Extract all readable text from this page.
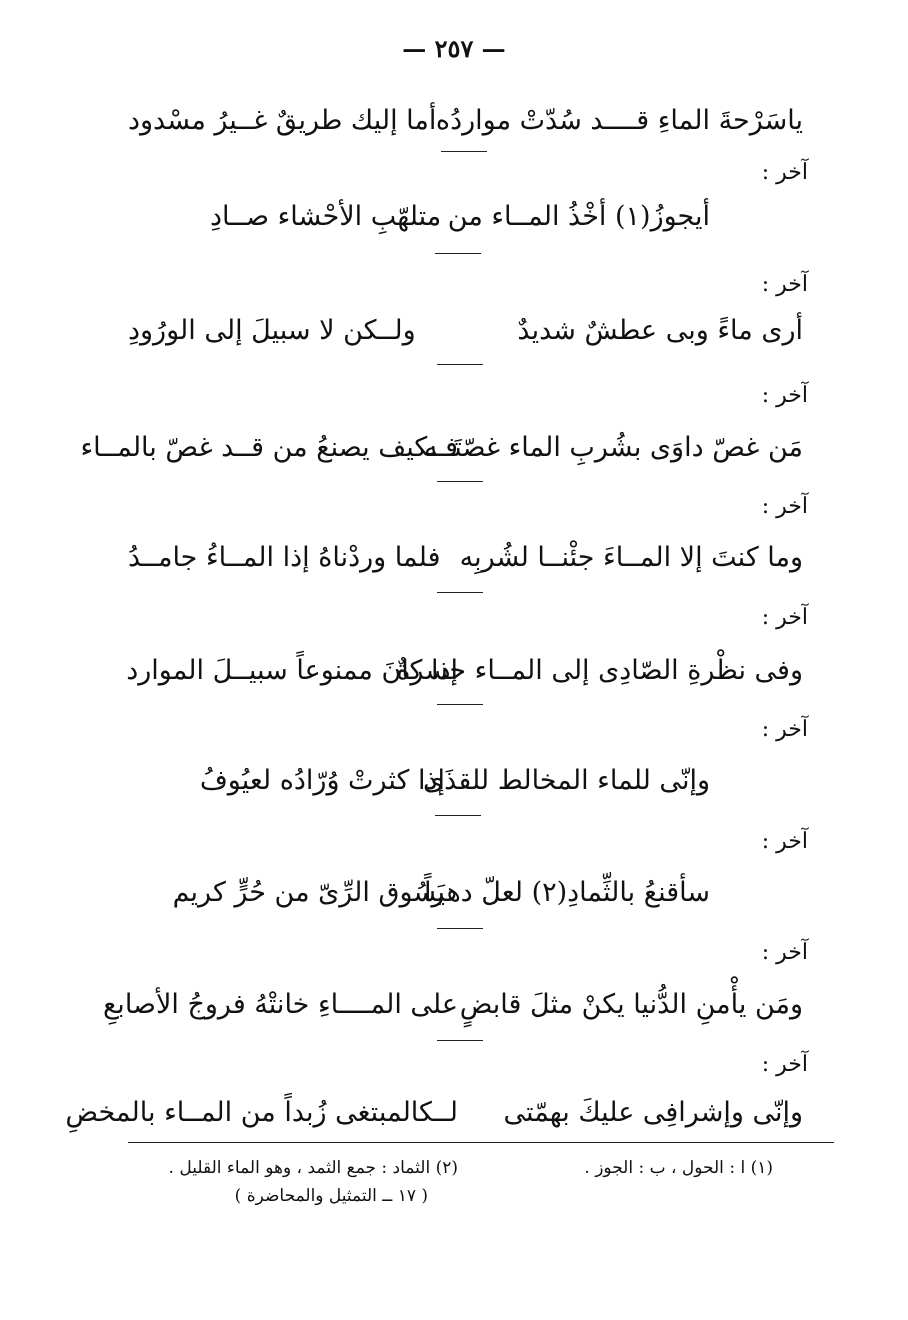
— ٢٥٧ —
ياسَرْحةَ الماءِ قــــد سُدّتْ مواردُه
أما إليك طريقٌ غــيرُ مسْدود
آخر :
أيجوزُ(١) أخْذُ المــاء من
متلهّبِ الأحْشاء صــادِ
آخر :
أرى ماءً وبى عطشٌ شديدٌ
ولــكن لا سبيلَ إلى الورُودِ
آخر :
مَن غصّ داوَى بشُربِ الماء غصّتَــه
فــكيف يصنعُ من قــد غصّ بالمــاء
آخر :
وما كنتَ إلا المــاءَ جئْنــا لشُربِه
فلما وردْناهُ إذا المــاءُ جامــدُ
آخر :
وفى نظْرةِ الصّادِى إلى المــاء حسرةٌ
إذا كانَ ممنوعاً سبيــلَ الموارد
آخر :
وإنّى للماء المخالط للقذَى
إذا كثرتْ وُرّادُه لعيُوفُ
آخر :
سأقنعُ بالثِّمادِ(٢) لعلّ دهراً
يَسُوق الرِّىّ من حُرٍّ كريم
آخر :
ومَن يأْمنِ الدُّنيا يكنْ مثلَ قابضٍ
على المــــاءِ خانتْهُ فروجُ الأصابعِ
آخر :
وإنّى وإشرافِى عليكَ بهمّتى
لــكالمبتغى زُبداً من المــاء بالمخضِ
(١) ا : الحول ، ب : الجوز .
(٢) الثماد : جمع الثمد ، وهو الماء القليل .
( ١٧ ــ التمثيل والمحاضرة )
